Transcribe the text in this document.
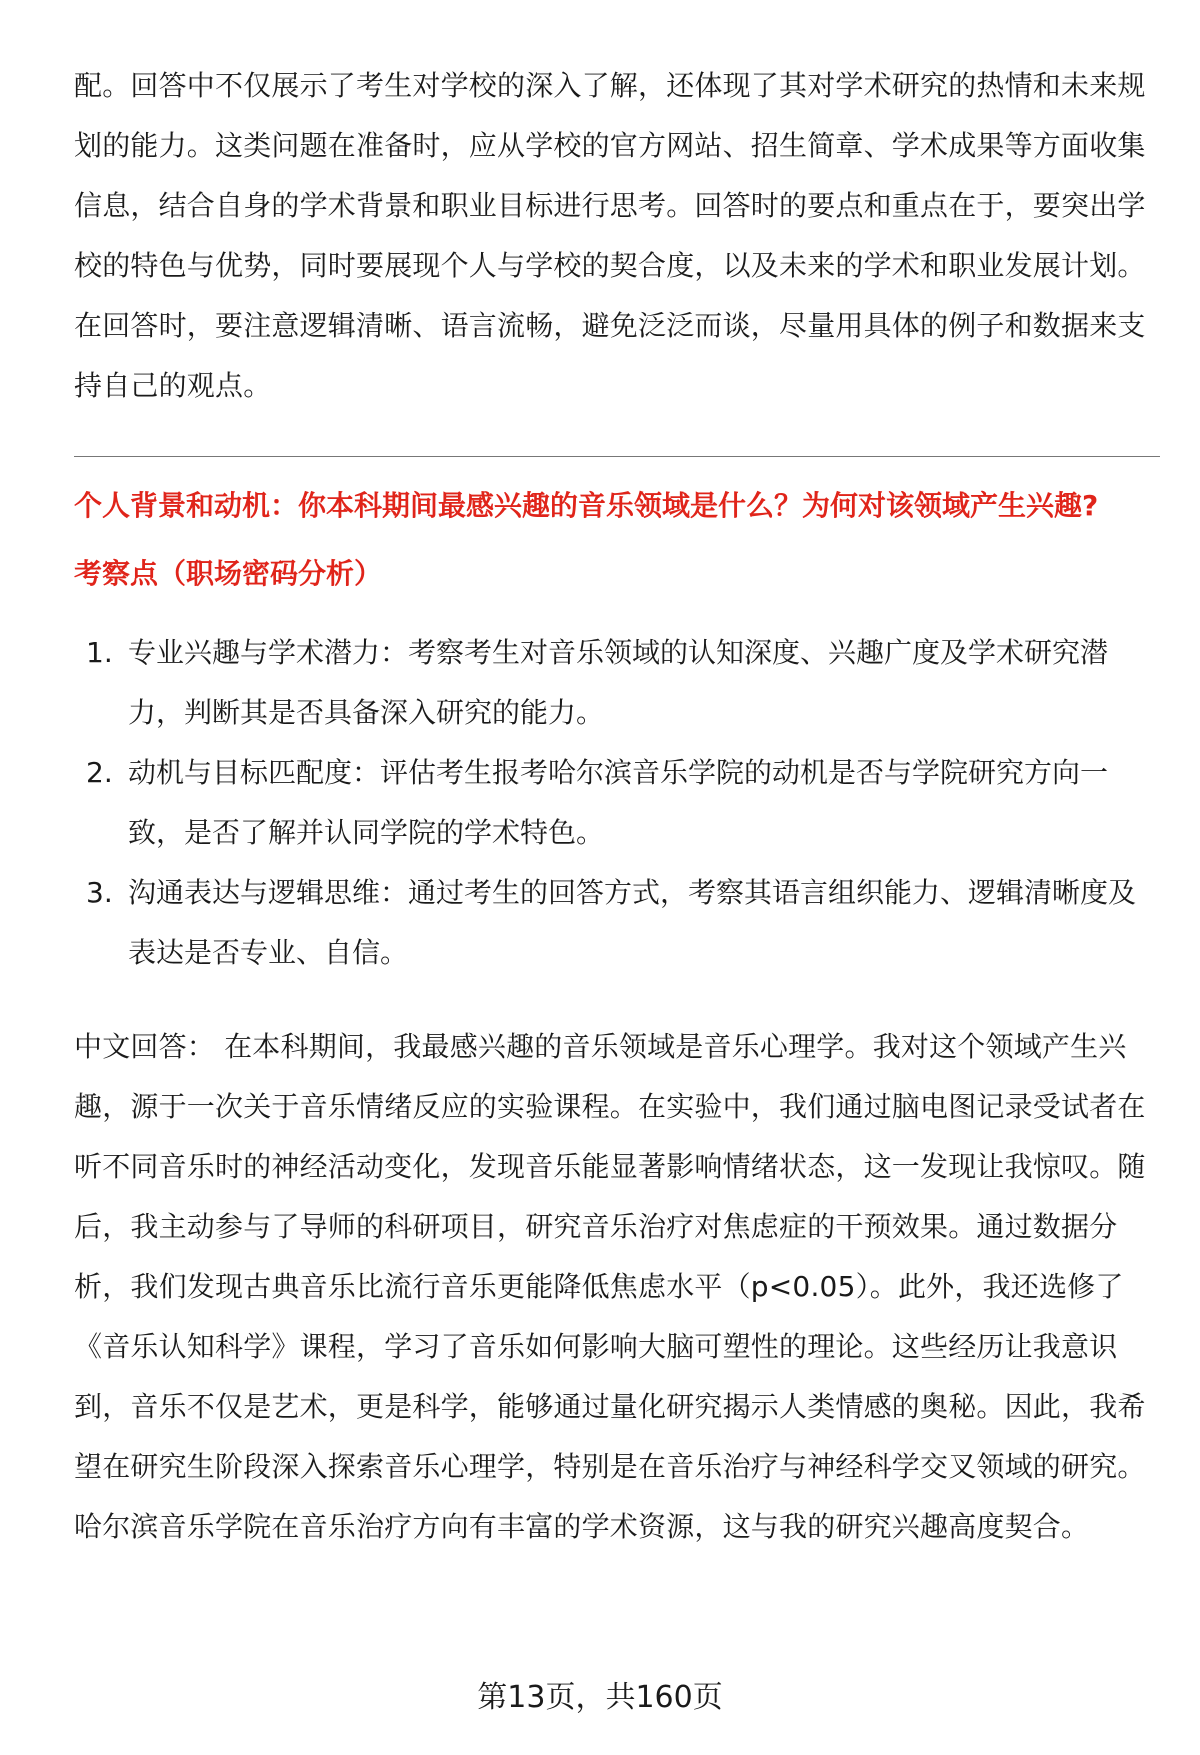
配。回答中不仅展示了考生对学校的深入了解，还体现了其对学术研究的热情和未来规划的能力。这类问题在准备时，应从学校的官方网站、招生简章、学术成果等方面收集信息，结合自身的学术背景和职业目标进行思考。回答时的要点和重点在于，要突出学校的特色与优势，同时要展现个人与学校的契合度，以及未来的学术和职业发展计划。在回答时，要注意逻辑清晰、语言流畅，避免泛泛而谈，尽量用具体的例子和数据来支持自己的观点。

个人背景和动机：你本科期间最感兴趣的音乐领域是什么？为何对该领域产生兴趣?

考察点（职场密码分析）

1. 专业兴趣与学术潜力：考察考生对音乐领域的认知深度、兴趣广度及学术研究潜力，判断其是否具备深入研究的能力。
2. 动机与目标匹配度：评估考生报考哈尔滨音乐学院的动机是否与学院研究方向一致，是否了解并认同学院的学术特色。
3. 沟通表达与逻辑思维：通过考生的回答方式，考察其语言组织能力、逻辑清晰度及表达是否专业、自信。

中文回答： 在本科期间，我最感兴趣的音乐领域是音乐心理学。我对这个领域产生兴趣，源于一次关于音乐情绪反应的实验课程。在实验中，我们通过脑电图记录受试者在听不同音乐时的神经活动变化，发现音乐能显著影响情绪状态，这一发现让我惊叹。随后，我主动参与了导师的科研项目，研究音乐治疗对焦虑症的干预效果。通过数据分析，我们发现古典音乐比流行音乐更能降低焦虑水平（p<0.05）。此外，我还选修了《音乐认知科学》课程，学习了音乐如何影响大脑可塑性的理论。这些经历让我意识到，音乐不仅是艺术，更是科学，能够通过量化研究揭示人类情感的奥秘。因此，我希望在研究生阶段深入探索音乐心理学，特别是在音乐治疗与神经科学交叉领域的研究。哈尔滨音乐学院在音乐治疗方向有丰富的学术资源，这与我的研究兴趣高度契合。

第13页，共160页
